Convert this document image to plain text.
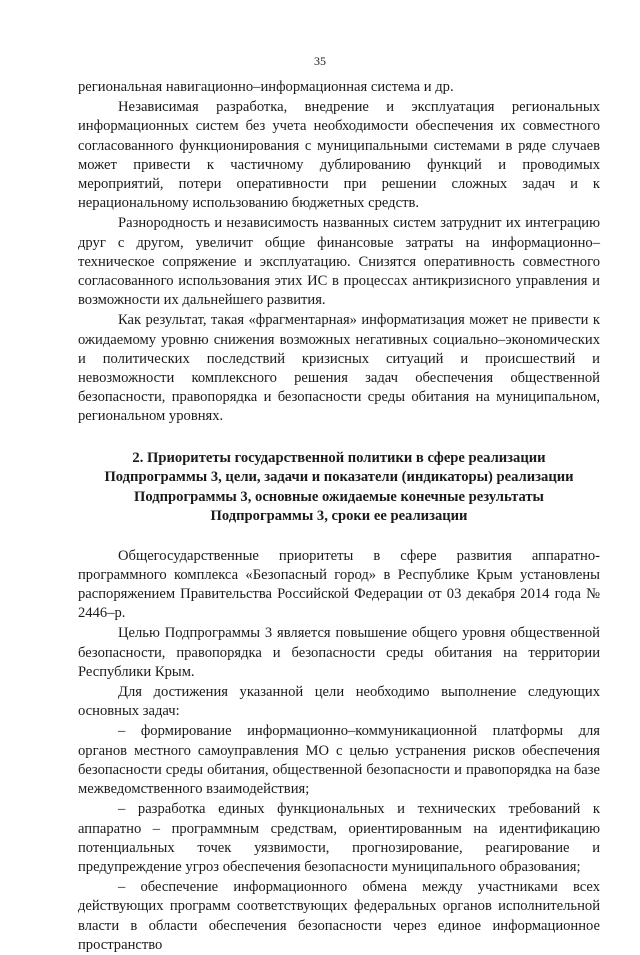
35

региональная навигационно–информационная система и др.

Независимая разработка, внедрение и эксплуатация региональных информационных систем без учета необходимости обеспечения их совместного согласованного функционирования с муниципальными системами в ряде случаев может привести к частичному дублированию функций и проводимых мероприятий, потери оперативности при решении сложных задач и к нерациональному использованию бюджетных средств.

Разнородность и независимость названных систем затруднит их интеграцию друг с другом, увеличит общие финансовые затраты на информационно–техническое сопряжение и эксплуатацию. Снизятся оперативность совместного согласованного использования этих ИС в процессах антикризисного управления и возможности их дальнейшего развития.

Как результат, такая «фрагментарная» информатизация может не привести к ожидаемому уровню снижения возможных негативных социально–экономических и политических последствий кризисных ситуаций и происшествий и невозможности комплексного решения задач обеспечения общественной безопасности, правопорядка и безопасности среды обитания на муниципальном, региональном уровнях.

2. Приоритеты государственной политики в сфере реализации
Подпрограммы 3, цели, задачи и показатели (индикаторы) реализации
Подпрограммы 3, основные ожидаемые конечные результаты
Подпрограммы 3, сроки ее реализации

Общегосударственные приоритеты в сфере развития аппаратно-программного комплекса «Безопасный город» в Республике Крым установлены распоряжением Правительства Российской Федерации от 03 декабря 2014 года № 2446–р.

Целью Подпрограммы 3 является повышение общего уровня общественной безопасности, правопорядка и безопасности среды обитания на территории Республики Крым.

Для достижения указанной цели необходимо выполнение следующих основных задач:

– формирование информационно–коммуникационной платформы для органов местного самоуправления МО с целью устранения рисков обеспечения безопасности среды обитания, общественной безопасности и правопорядка на базе межведомственного взаимодействия;

– разработка единых функциональных и технических требований к аппаратно – программным средствам, ориентированным на идентификацию потенциальных точек уязвимости, прогнозирование, реагирование и предупреждение угроз обеспечения безопасности муниципального образования;

– обеспечение информационного обмена между участниками всех действующих программ соответствующих федеральных органов исполнительной власти в области обеспечения безопасности через единое информационное пространство
